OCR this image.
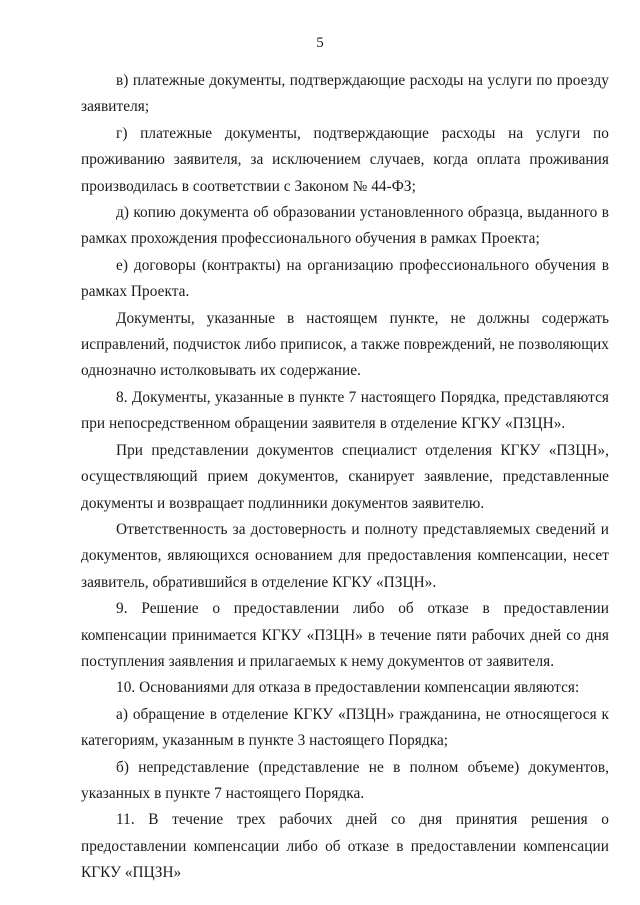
5

в) платежные документы, подтверждающие расходы на услуги по проезду заявителя;

г) платежные документы, подтверждающие расходы на услуги по проживанию заявителя, за исключением случаев, когда оплата проживания производилась в соответствии с Законом № 44-ФЗ;

д) копию документа об образовании установленного образца, выданного в рамках прохождения профессионального обучения в рамках Проекта;

е) договоры (контракты) на организацию профессионального обучения в рамках Проекта.

Документы, указанные в настоящем пункте, не должны содержать исправлений, подчисток либо приписок, а также повреждений, не позволяющих однозначно истолковывать их содержание.

8. Документы, указанные в пункте 7 настоящего Порядка, представляются при непосредственном обращении заявителя в отделение КГКУ «ПЗЦН».

При представлении документов специалист отделения КГКУ «ПЗЦН», осуществляющий прием документов, сканирует заявление, представленные документы и возвращает подлинники документов заявителю.

Ответственность за достоверность и полноту представляемых сведений и документов, являющихся основанием для предоставления компенсации, несет заявитель, обратившийся в отделение КГКУ «ПЗЦН».

9. Решение о предоставлении либо об отказе в предоставлении компенсации принимается КГКУ «ПЗЦН» в течение пяти рабочих дней со дня поступления заявления и прилагаемых к нему документов от заявителя.

10. Основаниями для отказа в предоставлении компенсации являются:

а) обращение в отделение КГКУ «ПЗЦН» гражданина, не относящегося к категориям, указанным в пункте 3 настоящего Порядка;

б) непредставление (представление не в полном объеме) документов, указанных в пункте 7 настоящего Порядка.

11. В течение трех рабочих дней со дня принятия решения о предоставлении компенсации либо об отказе в предоставлении компенсации КГКУ «ПЦЗН»
